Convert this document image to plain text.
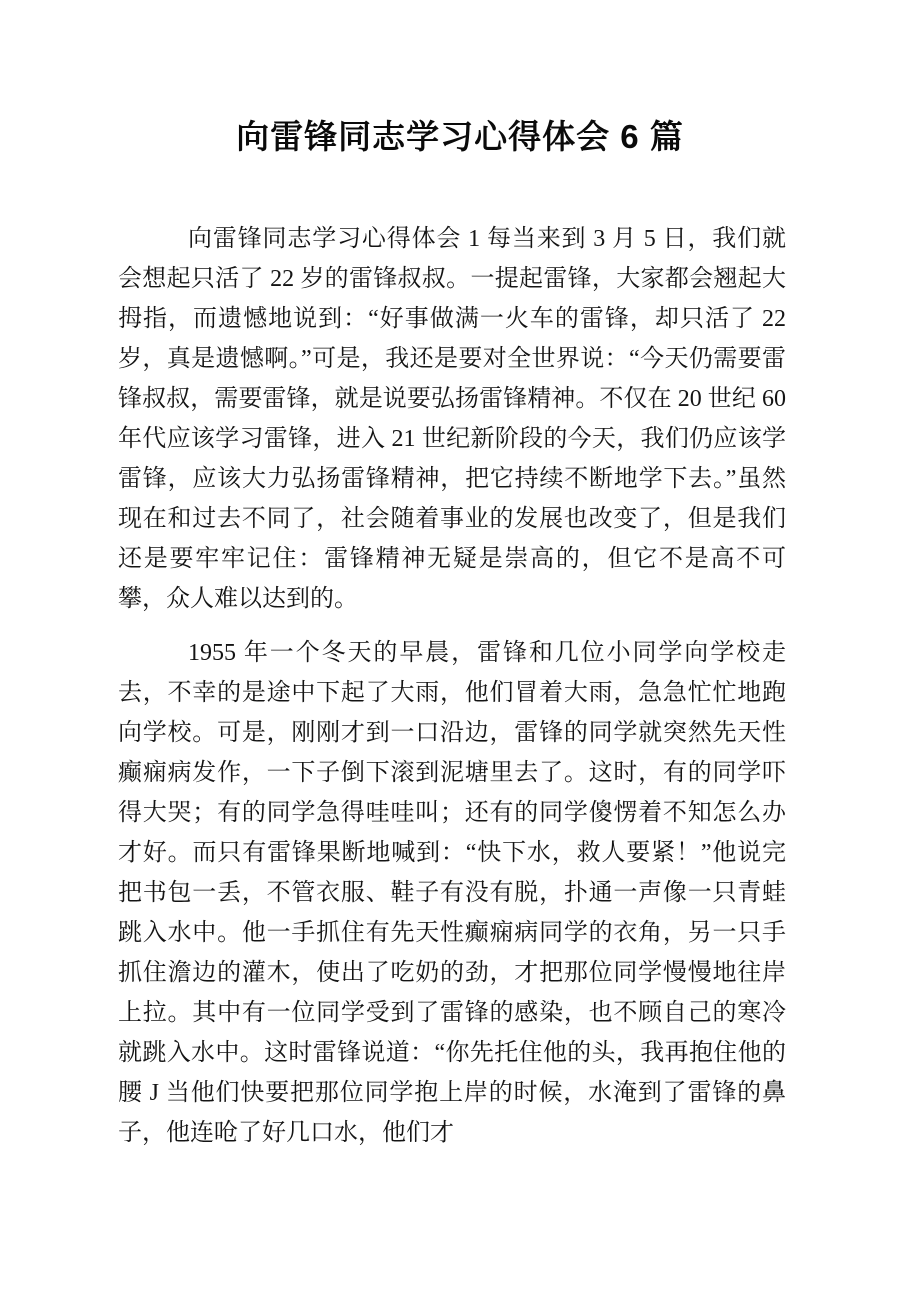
向雷锋同志学习心得体会 6 篇

向雷锋同志学习心得体会 1 每当来到 3 月 5 日，我们就会想起只活了 22 岁的雷锋叔叔。一提起雷锋，大家都会翘起大拇指，而遗憾地说到：“好事做满一火车的雷锋，却只活了 22 岁，真是遗憾啊。”可是，我还是要对全世界说：“今天仍需要雷锋叔叔，需要雷锋，就是说要弘扬雷锋精神。不仅在 20 世纪 60 年代应该学习雷锋，进入 21 世纪新阶段的今天，我们仍应该学雷锋，应该大力弘扬雷锋精神，把它持续不断地学下去。”虽然现在和过去不同了，社会随着事业的发展也改变了，但是我们还是要牢牢记住：雷锋精神无疑是崇高的，但它不是高不可攀，众人难以达到的。

1955 年一个冬天的早晨，雷锋和几位小同学向学校走去，不幸的是途中下起了大雨，他们冒着大雨，急急忙忙地跑向学校。可是，刚刚才到一口沿边，雷锋的同学就突然先天性癫痫病发作，一下子倒下滚到泥塘里去了。这时，有的同学吓得大哭；有的同学急得哇哇叫；还有的同学傻愣着不知怎么办才好。而只有雷锋果断地喊到：“快下水，救人要紧！”他说完把书包一丢，不管衣服、鞋子有没有脱，扑通一声像一只青蛙跳入水中。他一手抓住有先天性癫痫病同学的衣角，另一只手抓住澹边的灌木，使出了吃奶的劲，才把那位同学慢慢地往岸上拉。其中有一位同学受到了雷锋的感染，也不顾自己的寒冷就跳入水中。这时雷锋说道：“你先托住他的头，我再抱住他的腰 J 当他们快要把那位同学抱上岸的时候，水淹到了雷锋的鼻子，他连呛了好几口水，他们才
